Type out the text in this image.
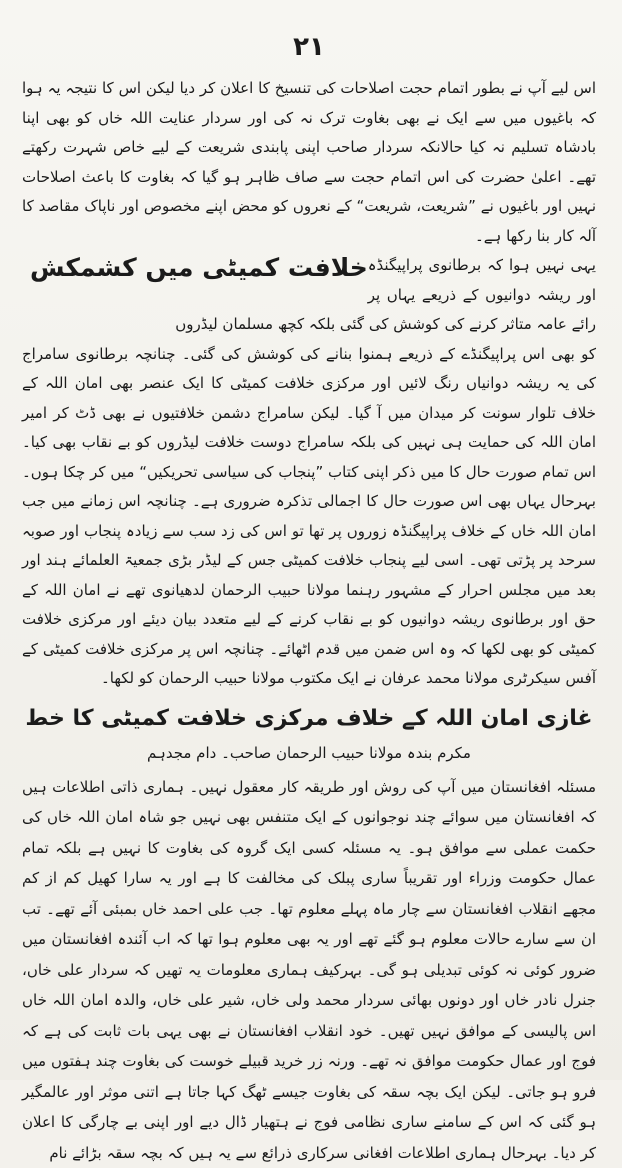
۲۱

اس لیے آپ نے بطور اتمام حجت اصلاحات کی تنسیخ کا اعلان کر دیا لیکن اس کا نتیجہ یہ ہوا کہ باغیوں میں سے ایک نے بھی بغاوت ترک نہ کی اور سردار عنایت اللہ خاں کو بھی اپنا بادشاہ تسلیم نہ کیا حالانکہ سردار صاحب اپنی پابندی شریعت کے لیے خاص شہرت رکھتے تھے۔ اعلیٰ حضرت کی اس اتمام حجت سے صاف ظاہر ہو گیا کہ بغاوت کا باعث اصلاحات نہیں اور باغیوں نے ”شریعت، شریعت“ کے نعروں کو محض اپنے مخصوص اور ناپاک مقاصد کا آلہ کار بنا رکھا ہے۔

خلافت کمیٹی میں کشمکش یہی نہیں ہوا کہ برطانوی پراپیگنڈہ اور ریشہ دوانیوں کے ذریعے یہاں پر رائے عامہ متاثر کرنے کی کوشش کی گئی بلکہ کچھ مسلمان لیڈروں

کو بھی اس پراپیگنڈے کے ذریعے ہمنوا بنانے کی کوشش کی گئی۔ چنانچہ برطانوی سامراج کی یہ ریشہ دوانیاں رنگ لائیں اور مرکزی خلافت کمیٹی کا ایک عنصر بھی امان اللہ کے خلاف تلوار سونت کر میدان میں آ گیا۔ لیکن سامراج دشمن خلافتیوں نے بھی ڈٹ کر امیر امان اللہ کی حمایت ہی نہیں کی بلکہ سامراج دوست خلافت لیڈروں کو بے نقاب بھی کیا۔ اس تمام صورت حال کا میں ذکر اپنی کتاب ”پنجاب کی سیاسی تحریکیں“ میں کر چکا ہوں۔ بہرحال یہاں بھی اس صورت حال کا اجمالی تذکرہ ضروری ہے۔ چنانچہ اس زمانے میں جب امان اللہ خاں کے خلاف پراپیگنڈہ زوروں پر تھا تو اس کی زد سب سے زیادہ پنجاب اور صوبہ سرحد پر پڑتی تھی۔ اسی لیے پنجاب خلافت کمیٹی جس کے لیڈر بڑی جمعیۃ العلمائے ہند اور بعد میں مجلس احرار کے مشہور رہنما مولانا حبیب الرحمان لدھیانوی تھے نے امان اللہ کے حق اور برطانوی ریشہ دوانیوں کو بے نقاب کرنے کے لیے متعدد بیان دیئے اور مرکزی خلافت کمیٹی کو بھی لکھا کہ وہ اس ضمن میں قدم اٹھائے۔ چنانچہ اس پر مرکزی خلافت کمیٹی کے آفس سیکرٹری مولانا محمد عرفان نے ایک مکتوب مولانا حبیب الرحمان کو لکھا۔

غازی امان اللہ کے خلاف مرکزی خلافت کمیٹی کا خط
مکرم بندہ مولانا حبیب الرحمان صاحب۔ دام مجدہم

مسئلہ افغانستان میں آپ کی روش اور طریقہ کار معقول نہیں۔ ہماری ذاتی اطلاعات ہیں کہ افغانستان میں سوائے چند نوجوانوں کے ایک متنفس بھی نہیں جو شاہ امان اللہ خاں کی حکمت عملی سے موافق ہو۔ یہ مسئلہ کسی ایک گروہ کی بغاوت کا نہیں ہے بلکہ تمام عمال حکومت وزراء اور تقریباً ساری پبلک کی مخالفت کا ہے اور یہ سارا کھیل کم از کم مجھے انقلاب افغانستان سے چار ماہ پہلے معلوم تھا۔ جب علی احمد خاں بمبئی آئے تھے۔ تب ان سے سارے حالات معلوم ہو گئے تھے اور یہ بھی معلوم ہوا تھا کہ اب آئندہ افغانستان میں ضرور کوئی نہ کوئی تبدیلی ہو گی۔ بہرکیف ہماری معلومات یہ تھیں کہ سردار علی خاں، جنرل نادر خاں اور دونوں بھائی سردار محمد ولی خاں، شیر علی خاں، والدہ امان اللہ خاں اس پالیسی کے موافق نہیں تھیں۔ خود انقلاب افغانستان نے بھی یہی بات ثابت کی ہے کہ فوج اور عمال حکومت موافق نہ تھے۔ ورنہ زر خرید قبیلے خوست کی بغاوت چند ہفتوں میں فرو ہو جاتی۔ لیکن ایک بچہ سقہ کی بغاوت جیسے ٹھگ کہا جاتا ہے اتنی موثر اور عالمگیر ہو گئی کہ اس کے سامنے ساری نظامی فوج نے ہتھیار ڈال دیے اور اپنی بے چارگی کا اعلان کر دیا۔ بہرحال ہماری اطلاعات افغانی سرکاری ذرائع سے یہ ہیں کہ بچہ سقہ بڑائے نام
